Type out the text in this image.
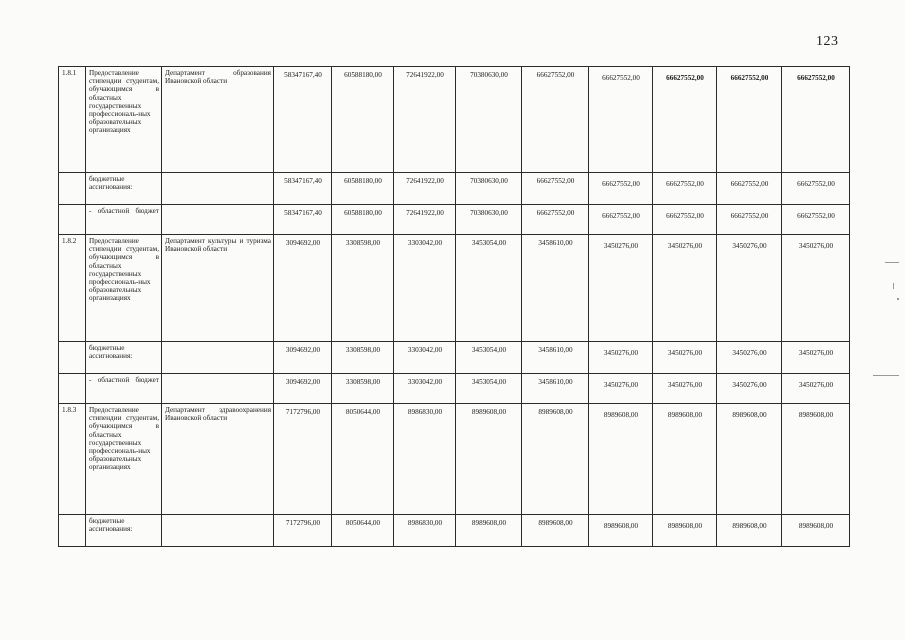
123
1.8.1	Предоставление стипендии студентам, обучающимся в областных государственных профессиональ-ных образовательных организациях	Департамент образования Ивановской области	58347167,40	60588180,00	72641922,00	70380630,00	66627552,00	66627552,00	66627552,00	66627552,00	66627552,00
	бюджетные ассигнования:		58347167,40	60588180,00	72641922,00	70380630,00	66627552,00	66627552,00	66627552,00	66627552,00	66627552,00

	- областной бюджет		58347167,40	60588180,00	72641922,00	70380630,00	66627552,00	66627552,00	66627552,00	66627552,00	66627552,00
1.8.2	Предоставление стипендии студентам, обучающимся в областных государственных профессиональ-ных образовательных организациях	Департамент культуры и туризма Ивановской области	3094692,00	3308598,00	3303042,00	3453054,00	3458610,00	3450276,00	3450276,00	3450276,00	3450276,00
	бюджетные ассигнования:		3094692,00	3308598,00	3303042,00	3453054,00	3458610,00	3450276,00	3450276,00	3450276,00	3450276,00

	- областной бюджет		3094692,00	3308598,00	3303042,00	3453054,00	3458610,00	3450276,00	3450276,00	3450276,00	3450276,00
1.8.3	Предоставление стипендии студентам, обучающимся в областных государственных профессиональ-ных образовательных организациях	Департамент здравоохранения Ивановской области	7172796,00	8050644,00	8986830,00	8989608,00	8989608,00	8989608,00	8989608,00	8989608,00	8989608,00
	бюджетные ассигнования:		7172796,00	8050644,00	8986830,00	8989608,00	8989608,00	8989608,00	8989608,00	8989608,00	8989608,00
